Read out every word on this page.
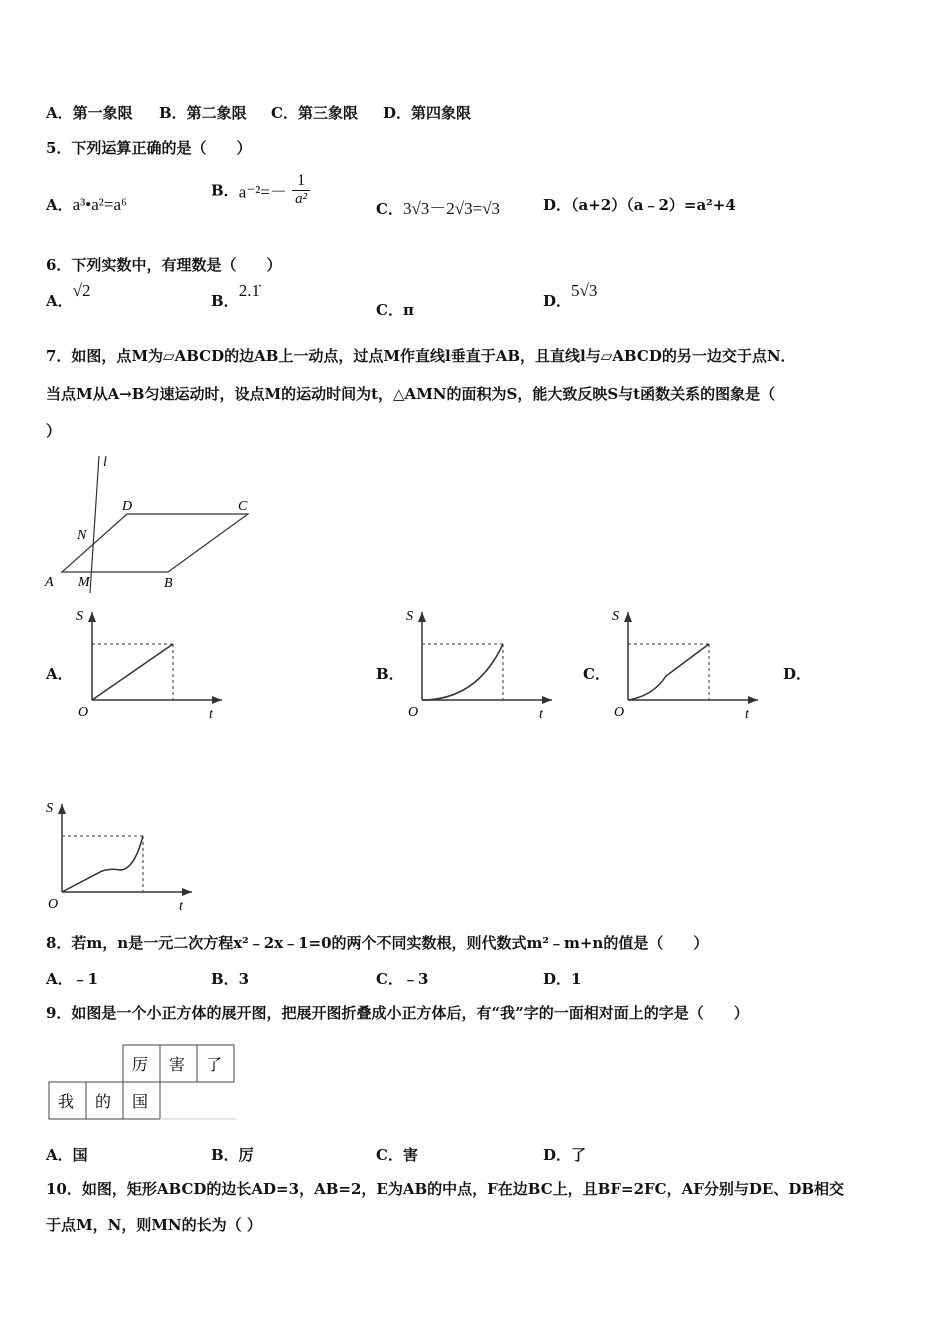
A．第一象限 B．第二象限 C．第三象限 D．第四象限
5．下列运算正确的是（　　）
A．a³•a²=a⁶
B．$a^{-2}=- \frac{1}{\text{a²}}$
C．3√3－2√3=√3	D．（a+2）（a﹣2）=a²+4
6．下列实数中，有理数是（　　）
A．√2
B．2.1̇
C．π	D．5√3
7．如图，点M为▱ABCD的边AB上一动点，过点M作直线l垂直于AB，且直线l与▱ABCD的另一边交于点N．
当点M从A→B匀速运动时，设点M的运动时间为t，△AMN的面积为S，能大致反映S与t函数关系的图象是（
）
l
D	C
N
A M	B
A．
S
t
O
B．
S
t
O
C．
S
t
O
D．
S
t
O
8．若m，n是一元二次方程x²﹣2x﹣1=0的两个不同实数根，则代数式m²﹣m+n的值是（　　）
A．﹣1	B．3	C．﹣3	D．1
9．如图是一个小正方体的展开图，把展开图折叠成小正方体后，有“我”字的一面相对面上的字是（　　）
厉 害 了
我 的 国
A．国	B．厉	C．害	D．了
10．如图，矩形ABCD的边长AD=3，AB=2，E为AB的中点，F在边BC上，且BF=2FC，AF分别与DE、DB相交
于点M，N，则MN的长为（ ）
